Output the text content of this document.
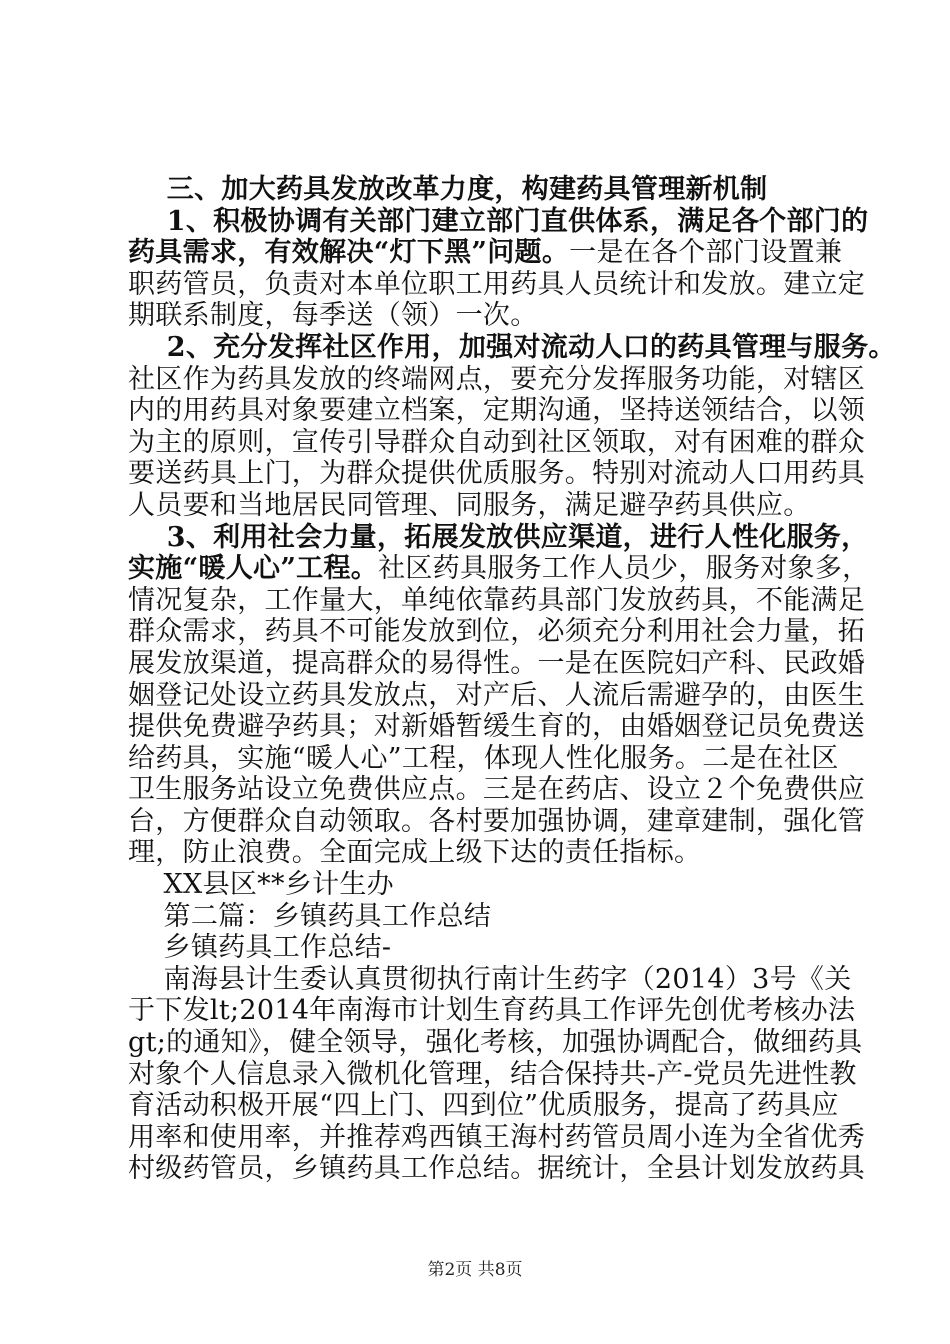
三、加大药具发放改革力度，构建药具管理新机制
1、积极协调有关部门建立部门直供体系，满足各个部门的
药具需求，有效解决“灯下黑”问题。一是在各个部门设置兼
职药管员，负责对本单位职工用药具人员统计和发放。建立定
期联系制度，每季送（领）一次。
2、充分发挥社区作用，加强对流动人口的药具管理与服务。
社区作为药具发放的终端网点，要充分发挥服务功能，对辖区
内的用药具对象要建立档案，定期沟通，坚持送领结合，以领
为主的原则，宣传引导群众自动到社区领取，对有困难的群众
要送药具上门，为群众提供优质服务。特别对流动人口用药具
人员要和当地居民同管理、同服务，满足避孕药具供应。
3、利用社会力量，拓展发放供应渠道，进行人性化服务，
实施“暖人心”工程。社区药具服务工作人员少，服务对象多，
情况复杂，工作量大，单纯依靠药具部门发放药具，不能满足
群众需求，药具不可能发放到位，必须充分利用社会力量，拓
展发放渠道，提高群众的易得性。一是在医院妇产科、民政婚
姻登记处设立药具发放点，对产后、人流后需避孕的，由医生
提供免费避孕药具；对新婚暂缓生育的，由婚姻登记员免费送
给药具，实施“暖人心”工程，体现人性化服务。二是在社区
卫生服务站设立免费供应点。三是在药店、设立２个免费供应
台，方便群众自动领取。各村要加强协调，建章建制，强化管
理，防止浪费。全面完成上级下达的责任指标。
XX县区**乡计生办
第二篇：乡镇药具工作总结
乡镇药具工作总结-
南海县计生委认真贯彻执行南计生药字（2014）3号《关
于下发lt;2014年南海市计划生育药具工作评先创优考核办法
gt;的通知》，健全领导，强化考核，加强协调配合，做细药具
对象个人信息录入微机化管理，结合保持共-产-党员先进性教
育活动积极开展“四上门、四到位”优质服务，提高了药具应
用率和使用率，并推荐鸡西镇王海村药管员周小连为全省优秀
村级药管员，乡镇药具工作总结。据统计，全县计划发放药具
第2页 共8页
